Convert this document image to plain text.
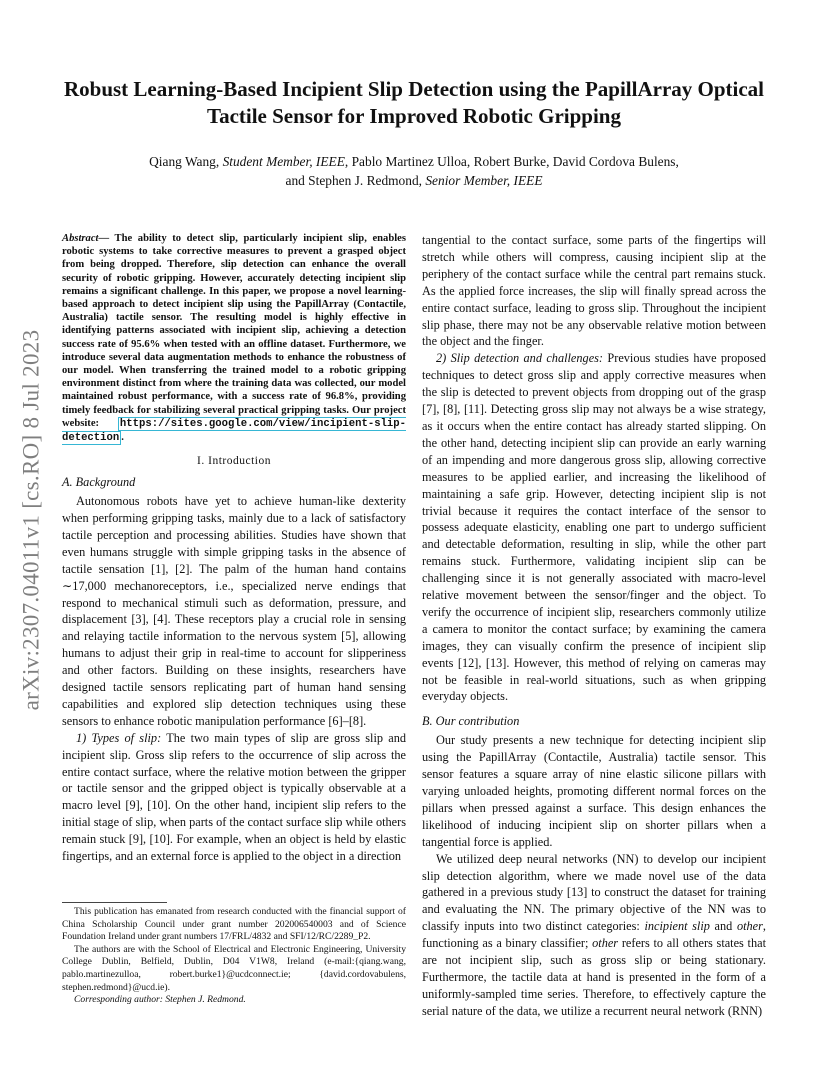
arXiv:2307.04011v1 [cs.RO] 8 Jul 2023
Robust Learning-Based Incipient Slip Detection using the PapillArray Optical Tactile Sensor for Improved Robotic Gripping
Qiang Wang, Student Member, IEEE, Pablo Martinez Ulloa, Robert Burke, David Cordova Bulens,
and Stephen J. Redmond, Senior Member, IEEE

Abstract— The ability to detect slip, particularly incipient slip, enables robotic systems to take corrective measures to prevent a grasped object from being dropped. Therefore, slip detection can enhance the overall security of robotic gripping. However, accurately detecting incipient slip remains a significant challenge. In this paper, we propose a novel learning-based approach to detect incipient slip using the PapillArray (Contactile, Australia) tactile sensor. The resulting model is highly effective in identifying patterns associated with incipient slip, achieving a detection success rate of 95.6% when tested with an offline dataset. Furthermore, we introduce several data augmentation methods to enhance the robustness of our model. When transferring the trained model to a robotic gripping environment distinct from where the training data was collected, our model maintained robust performance, with a success rate of 96.8%, providing timely feedback for stabilizing several practical gripping tasks. Our project website: https://sites.google.com/view/incipient-slip-detection .

I. Introduction
A. Background

Autonomous robots have yet to achieve human-like dexterity when performing gripping tasks, mainly due to a lack of satisfactory tactile perception and processing abilities. Studies have shown that even humans struggle with simple gripping tasks in the absence of tactile sensation [1], [2]. The palm of the human hand contains ∼17,000 mechanoreceptors, i.e., specialized nerve endings that respond to mechanical stimuli such as deformation, pressure, and displacement [3], [4]. These receptors play a crucial role in sensing and relaying tactile information to the nervous system [5], allowing humans to adjust their grip in real-time to account for slipperiness and other factors. Building on these insights, researchers have designed tactile sensors replicating part of human hand sensing capabilities and explored slip detection techniques using these sensors to enhance robotic manipulation performance [6]–[8].

1) Types of slip: The two main types of slip are gross slip and incipient slip. Gross slip refers to the occurrence of slip across the entire contact surface, where the relative motion between the gripper or tactile sensor and the gripped object is typically observable at a macro level [9], [10]. On the other hand, incipient slip refers to the initial stage of slip, when parts of the contact surface slip while others remain stuck [9], [10]. For example, when an object is held by elastic fingertips, and an external force is applied to the object in a direction

This publication has emanated from research conducted with the financial support of China Scholarship Council under grant number 202006540003 and of Science Foundation Ireland under grant numbers 17/FRL/4832 and SFI/12/RC/2289_P2.

The authors are with the School of Electrical and Electronic Engineering, University College Dublin, Belfield, Dublin, D04 V1W8, Ireland (e-mail:{qiang.wang, pablo.martinezulloa, robert.burke1}@ucdconnect.ie; {david.cordovabulens, stephen.redmond}@ucd.ie).

Corresponding author: Stephen J. Redmond.

tangential to the contact surface, some parts of the fingertips will stretch while others will compress, causing incipient slip at the periphery of the contact surface while the central part remains stuck. As the applied force increases, the slip will finally spread across the entire contact surface, leading to gross slip. Throughout the incipient slip phase, there may not be any observable relative motion between the object and the finger.

2) Slip detection and challenges: Previous studies have proposed techniques to detect gross slip and apply corrective measures when the slip is detected to prevent objects from dropping out of the grasp [7], [8], [11]. Detecting gross slip may not always be a wise strategy, as it occurs when the entire contact has already started slipping. On the other hand, detecting incipient slip can provide an early warning of an impending and more dangerous gross slip, allowing corrective measures to be applied earlier, and increasing the likelihood of maintaining a safe grip. However, detecting incipient slip is not trivial because it requires the contact interface of the sensor to possess adequate elasticity, enabling one part to undergo sufficient and detectable deformation, resulting in slip, while the other part remains stuck. Furthermore, validating incipient slip can be challenging since it is not generally associated with macro-level relative movement between the sensor/finger and the object. To verify the occurrence of incipient slip, researchers commonly utilize a camera to monitor the contact surface; by examining the camera images, they can visually confirm the presence of incipient slip events [12], [13]. However, this method of relying on cameras may not be feasible in real-world situations, such as when gripping everyday objects.

B. Our contribution

Our study presents a new technique for detecting incipient slip using the PapillArray (Contactile, Australia) tactile sensor. This sensor features a square array of nine elastic silicone pillars with varying unloaded heights, promoting different normal forces on the pillars when pressed against a surface. This design enhances the likelihood of inducing incipient slip on shorter pillars when a tangential force is applied.

We utilized deep neural networks (NN) to develop our incipient slip detection algorithm, where we made novel use of the data gathered in a previous study [13] to construct the dataset for training and evaluating the NN. The primary objective of the NN was to classify inputs into two distinct categories: incipient slip and other, functioning as a binary classifier; other refers to all others states that are not incipient slip, such as gross slip or being stationary. Furthermore, the tactile data at hand is presented in the form of a uniformly-sampled time series. Therefore, to effectively capture the serial nature of the data, we utilize a recurrent neural network (RNN)
